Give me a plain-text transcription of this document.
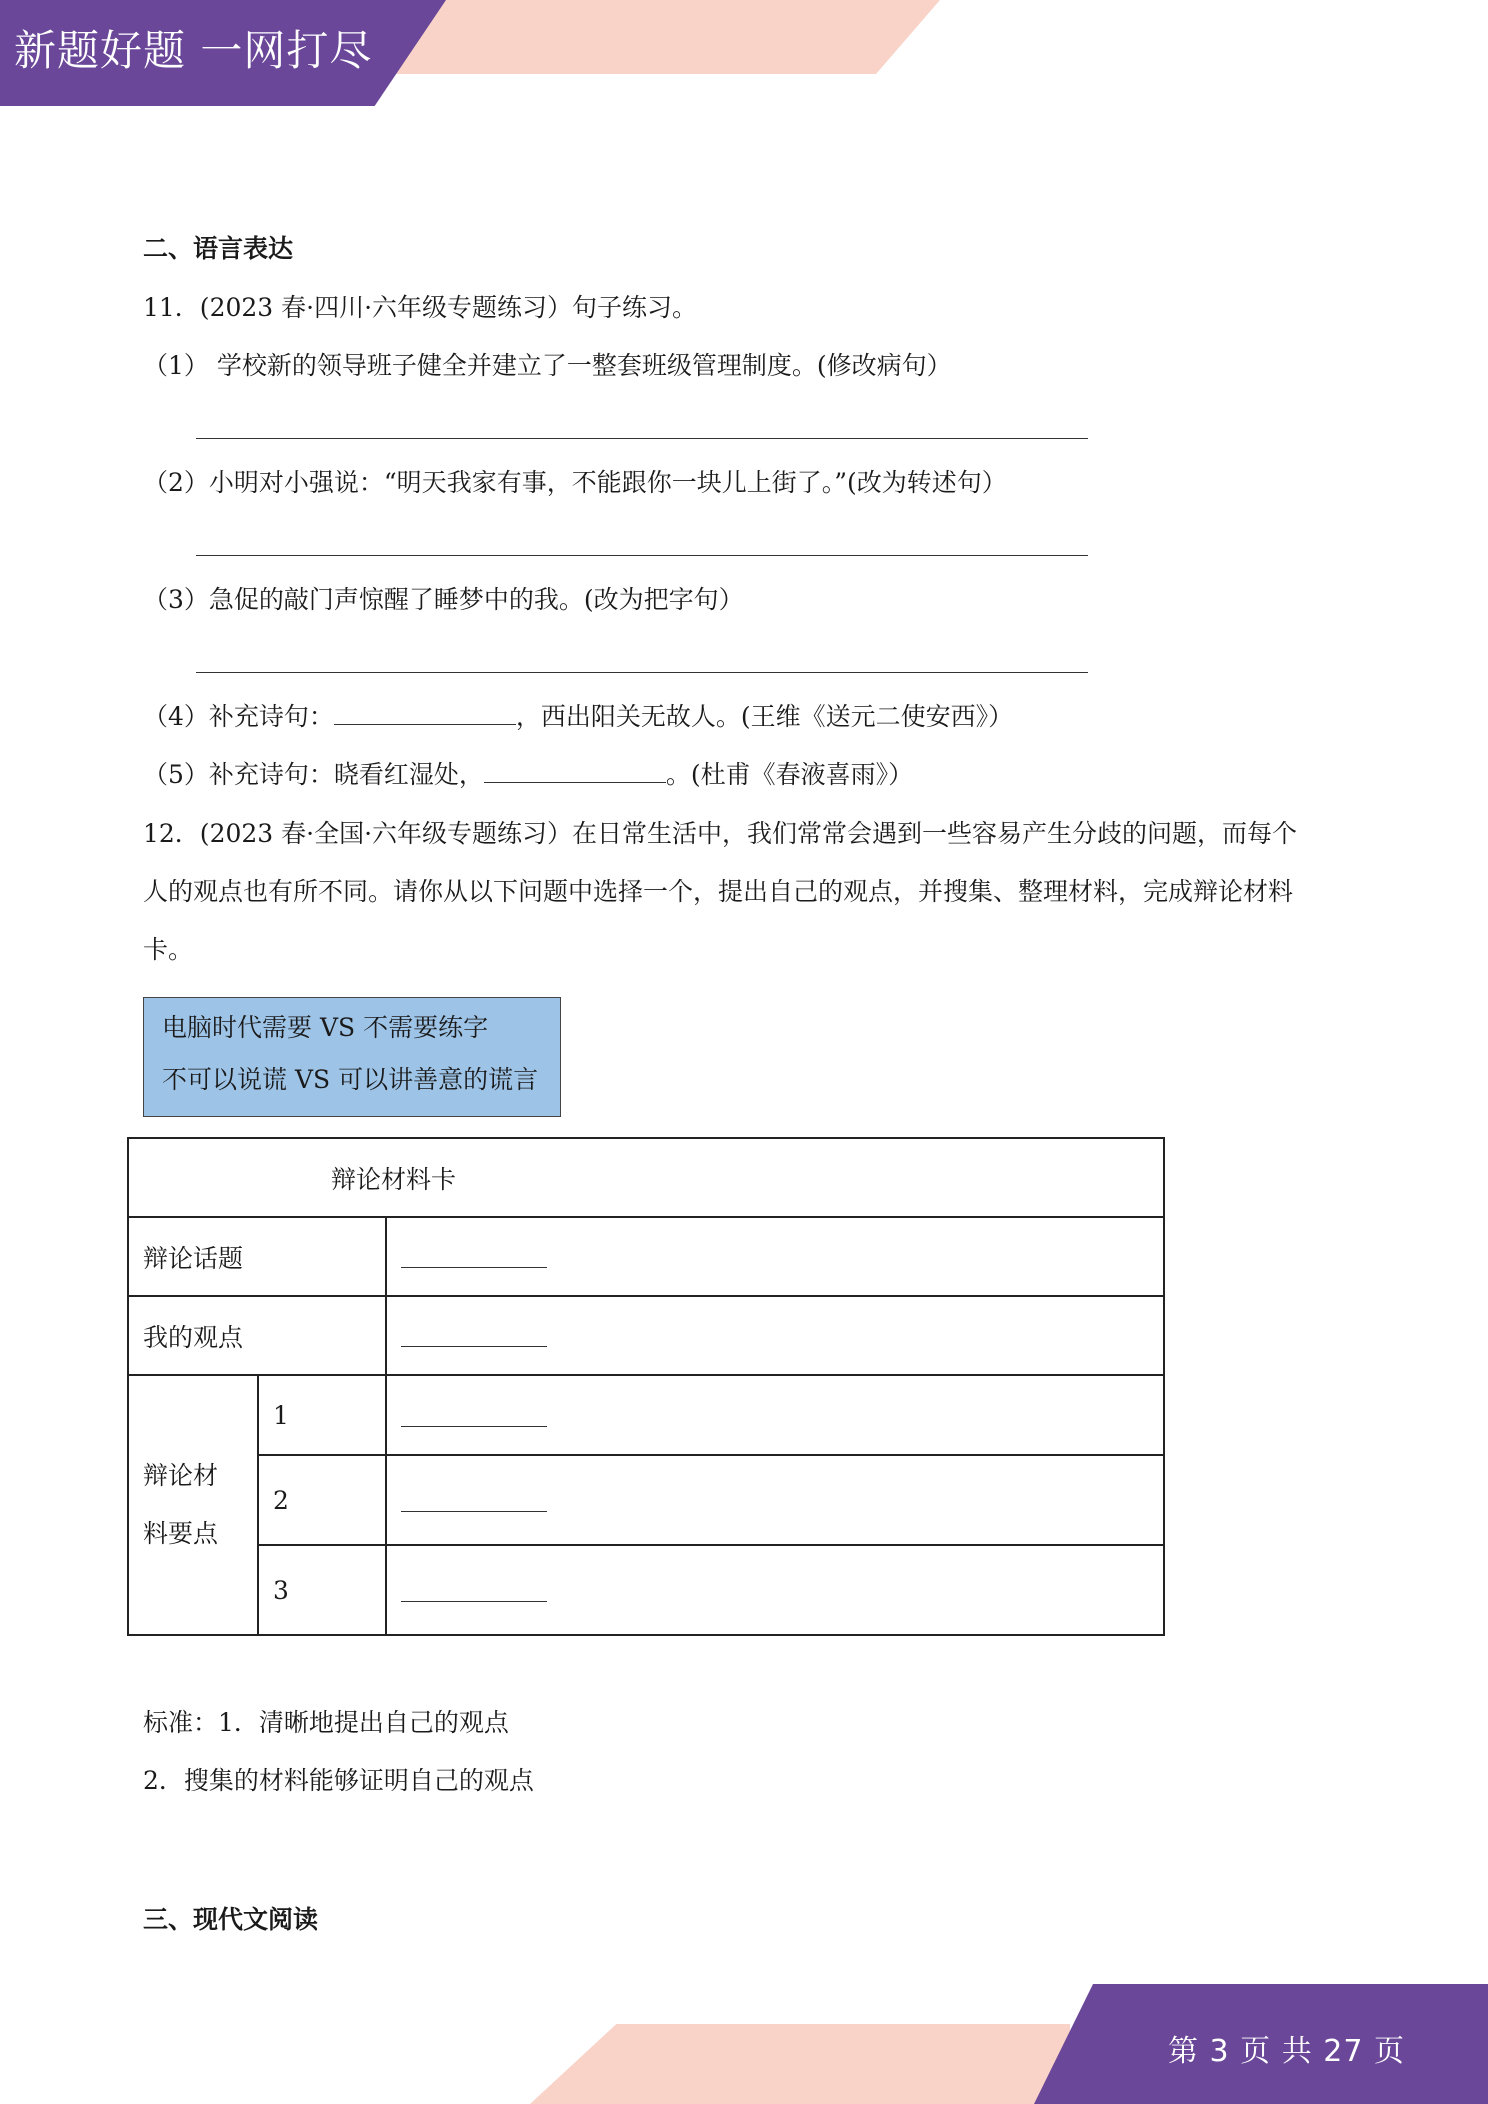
新题好题 一网打尽
二、语言表达
11．(2023 春·四川·六年级专题练习）句子练习。
（1） 学校新的领导班子健全并建立了一整套班级管理制度。(修改病句）
（2）小明对小强说：“明天我家有事，不能跟你一块儿上街了。”(改为转述句）
（3）急促的敲门声惊醒了睡梦中的我。(改为把字句）
（4）补充诗句：	，西出阳关无故人。(王维《送元二使安西》）
（5）补充诗句：晓看红湿处，	。(杜甫《春液喜雨》）
12．(2023 春·全国·六年级专题练习）在日常生活中，我们常常会遇到一些容易产生分歧的问题，而每个
人的观点也有所不同。请你从以下问题中选择一个，提出自己的观点，并搜集、整理材料，完成辩论材料
卡。
电脑时代需要 VS 不需要练字
不可以说谎 VS 可以讲善意的谎言
辩论材料卡		
辩论话题		
我的观点		

辩论材
料要点	1	
	2	
	3	
标准：1．清晰地提出自己的观点
2．搜集的材料能够证明自己的观点
三、现代文阅读
第 3 页 共 27 页
